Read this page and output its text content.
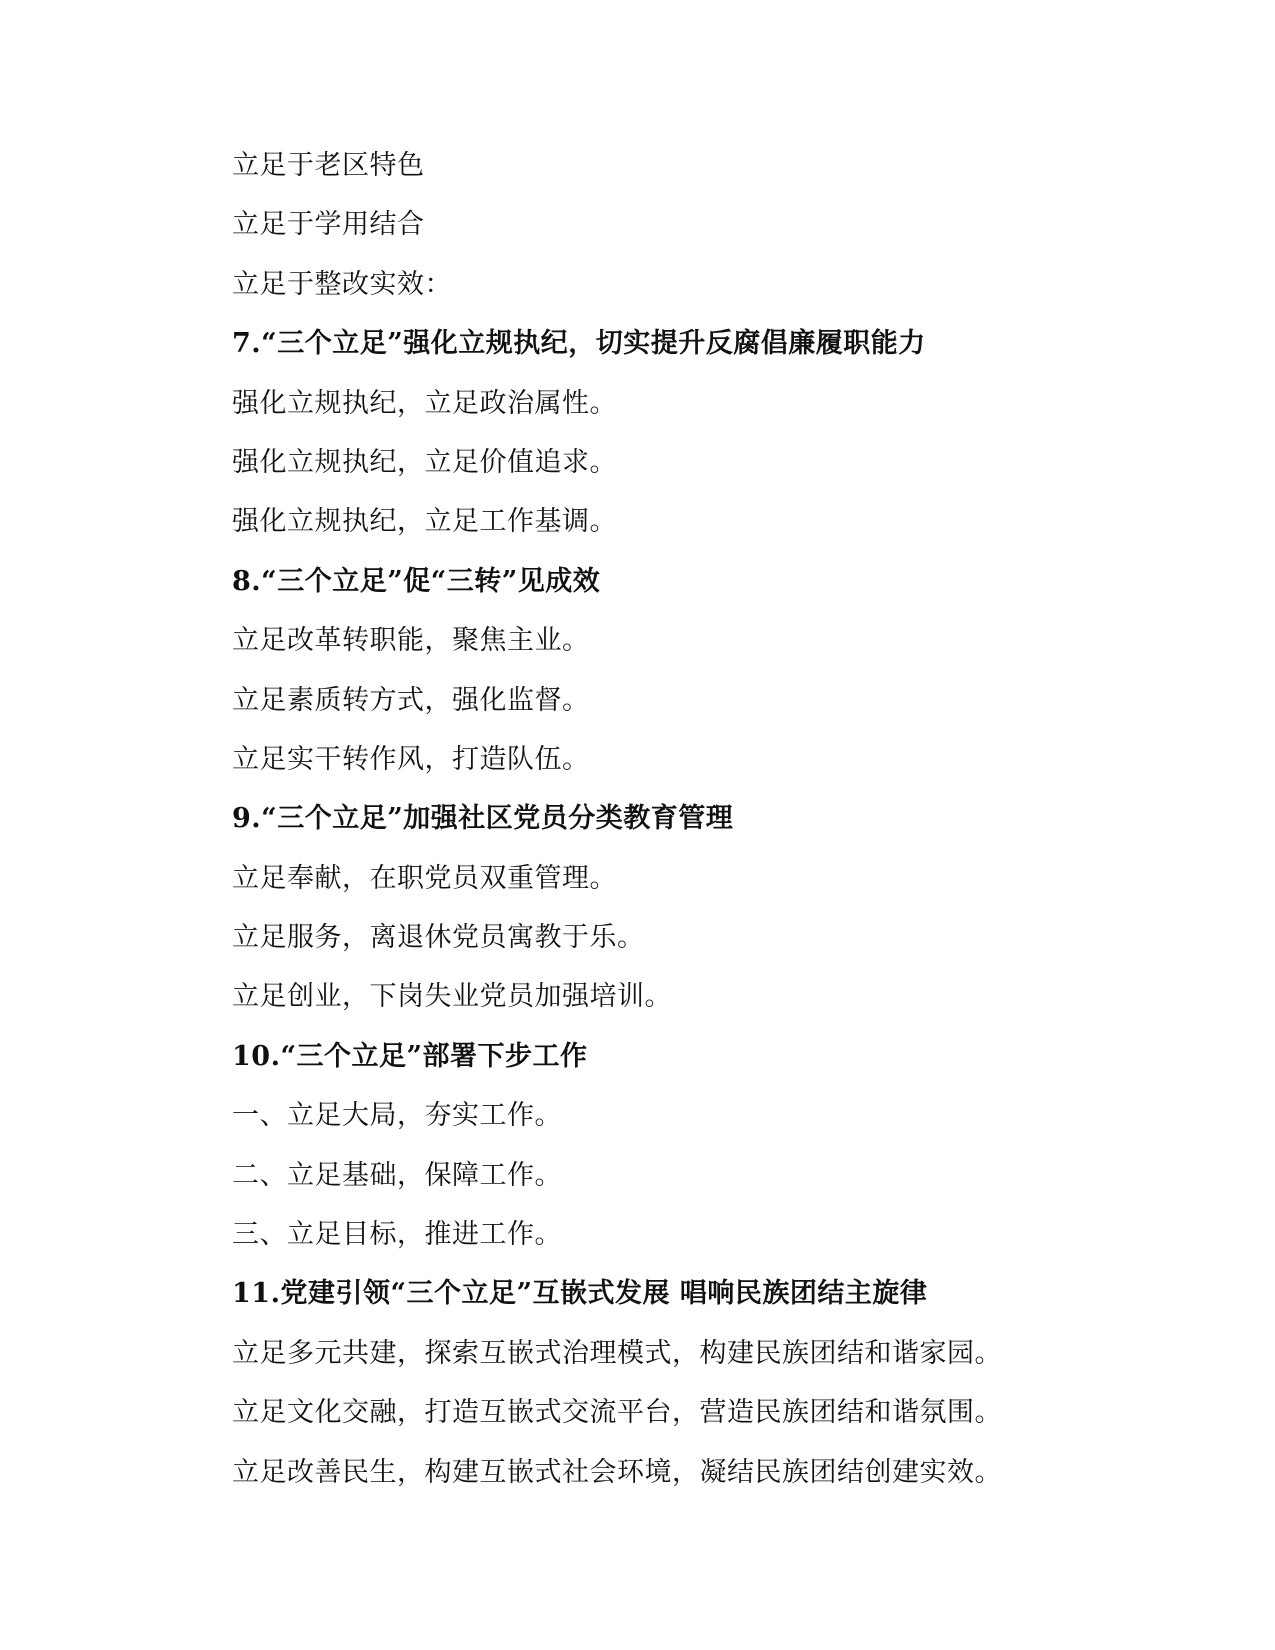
立足于老区特色
立足于学用结合
立足于整改实效：
7.“三个立足”强化立规执纪，切实提升反腐倡廉履职能力
强化立规执纪，立足政治属性。
强化立规执纪，立足价值追求。
强化立规执纪，立足工作基调。
8.“三个立足”促“三转”见成效
立足改革转职能，聚焦主业。
立足素质转方式，强化监督。
立足实干转作风，打造队伍。
9.“三个立足”加强社区党员分类教育管理
立足奉献，在职党员双重管理。
立足服务，离退休党员寓教于乐。
立足创业，下岗失业党员加强培训。
10.“三个立足”部署下步工作
一、立足大局，夯实工作。
二、立足基础，保障工作。
三、立足目标，推进工作。
11.党建引领“三个立足”互嵌式发展 唱响民族团结主旋律
立足多元共建，探索互嵌式治理模式，构建民族团结和谐家园。
立足文化交融，打造互嵌式交流平台，营造民族团结和谐氛围。
立足改善民生，构建互嵌式社会环境，凝结民族团结创建实效。
